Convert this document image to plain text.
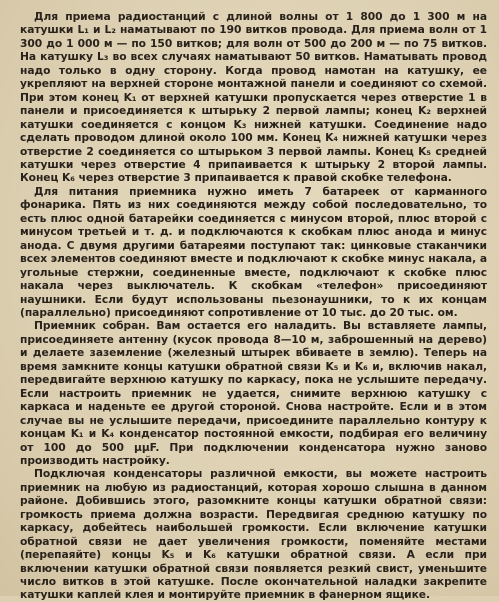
Для приема радиостанций с длиной волны от 1 800 до 1 300 м на катушки L₁ и L₂ наматывают по 190 витков провода. Для приема волн от 1 300 до 1 000 м — по 150 витков; для волн от 500 до 200 м — по 75 витков. На катушку L₃ во всех случаях наматывают 50 витков. Наматывать провод надо только в одну сторону. Когда провод намотан на катушку, ее укрепляют на верхней стороне монтажной панели и соединяют со схемой. При этом конец K₁ от верхней катушки пропускается через отверстие 1 в панели и присоединяется к штырьку 2 первой лампы; конец K₂ верхней катушки соединяется с концом K₃ нижней катушки. Соединение надо сделать проводом длиной около 100 мм. Конец K₄ нижней катушки через отверстие 2 соединяется со штырьком 3 первой лампы. Конец K₅ средней катушки через отверстие 4 припаивается к штырьку 2 второй лампы. Конец K₆ через отверстие 3 припаивается к правой скобке телефона.

Для питания приемника нужно иметь 7 батареек от карманного фонарика. Пять из них соединяются между собой последовательно, то есть плюс одной батарейки соединяется с минусом второй, плюс второй с минусом третьей и т. д. и подключаются к скобкам плюс анода и минус анода. С двумя другими батареями поступают так: цинковые стаканчики всех элементов соединяют вместе и подключают к скобке минус накала, а угольные стержни, соединенные вместе, подключают к скобке плюс накала через выключатель. К скобкам «телефон» присоединяют наушники. Если будут использованы пьезонаушники, то к их концам (параллельно) присоединяют сопротивление от 10 тыс. до 20 тыс. ом.

Приемник собран. Вам остается его наладить. Вы вставляете лампы, присоединяете антенну (кусок провода 8—10 м, заброшенный на дерево) и делаете заземление (железный штырек вбиваете в землю). Теперь на время замкните концы катушки обратной связи K₅ и K₆ и, включив накал, передвигайте верхнюю катушку по каркасу, пока не услышите передачу. Если настроить приемник не удается, снимите верхнюю катушку с каркаса и наденьте ее другой стороной. Снова настройте. Если и в этом случае вы не услышите передачи, присоедините параллельно контуру к концам K₁ и K₄ конденсатор постоянной емкости, подбирая его величину от 100 до 500 μμF. При подключении конденсатора нужно заново производить настройку.

Подключая конденсаторы различной емкости, вы можете настроить приемник на любую из радиостанций, которая хорошо слышна в данном районе. Добившись этого, разомкните концы катушки обратной связи: громкость приема должна возрасти. Передвигая среднюю катушку по каркасу, добейтесь наибольшей громкости. Если включение катушки обратной связи не дает увеличения громкости, поменяйте местами (перепаяйте) концы K₅ и K₆ катушки обратной связи. А если при включении катушки обратной связи появляется резкий свист, уменьшите число витков в этой катушке. После окончательной наладки закрепите катушки каплей клея и монтируйте приемник в фанерном ящике.
